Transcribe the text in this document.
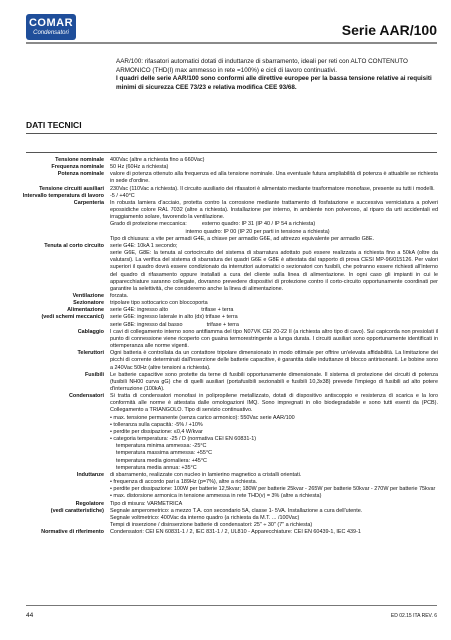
COMAR
Condensatori	Serie AAR/100
AAR/100: rifasatori automatici dotati di induttanze di sbarramento, ideali per reti con ALTO CONTENUTO ARMONICO (THD(I) max ammesso in rete =100%) e cicli di lavoro continuativi.
I quadri delle serie AAR/100 sono conformi alle direttive europee per la bassa tensione relative ai requisiti minimi di sicurezza CEE 73/23 e relativa modifica CEE 93/68.
DATI TECNICI
Tensione nominale	400Vac (altre a richiesta fino a 660Vac)
Frequenza nominale	50 Hz (60Hz a richiesta)
Potenza nominale	valore di potenza ottenuto alla frequenza ed alla tensione nominale. Una eventuale futura ampliabilità di potenza è attuabile se richiesta in sede d'ordine.
Tensione circuiti ausiliari	230Vac (110Vac a richiesta). Il circuito ausiliario dei rifasatori è alimentato mediante trasformatore monofase, presente su tutti i modelli.
Intervallo temperatura di lavoro	-5 / +40°C
Carpenteria	In robusta lamiera d'acciaio, protetta contro la corrosione mediante trattamento di fosfatazione e successiva verniciatura a polveri epossidiche colore RAL 7032 (altre a richiesta). Installazione per interno, in ambiente non polveroso, al riparo da urti accidentali ed irraggiamento solare, favorendo la ventilazione.
Grado di protezione meccanica:          esterno quadro: IP 31 (IP 40 / IP 54 a richiesta)
interno quadro: IP 00 (IP 20 per parti in tensione a richiesta)
Tipo di chiusura: a vite per armadi G4E, a chiave per armadio G6E, ad attrezzo equivalente per armadio G8E.
Tenuta al corto circuito	serie G4E: 10kA 1 secondo;
serie G6E, G8E: la tenuta al cortocircuito del sistema di sbarratura adottato può essere realizzata a richiesta fino a 50kA (oltre da valutarsi). La verifica del sistema di sbarratura dei quadri G6E e G8E è attestata dal rapporto di prova CESI MP-96/015126. Per valori superiori il quadro dovrà essere condizionato da interruttori automatici o sezionatori con fusibili, che potranno essere richiesti all'interno del quadro di rifasamento oppure installati a cura del cliente sulla linea di alimentazione. In ogni caso gli impianti in cui le apparecchiature saranno collegate, dovranno prevedere dispositivi di protezione contro il corto-circuito opportunamente coordinati per garantire la selettività, che consideremo anche la linea di alimentazione.
Ventilazione	forzata.
Sezionatore	tripolare tipo sottocarico con bloccoporta
Alimentazione	serie G4E: ingresso alto                      trifase + terra
(vedi schemi meccanici)	serie G6E: ingresso laterale in alto (dx) trifase + terra
serie G8E: ingresso dal basso                trifase + terra
Cablaggio	I cavi di collegamento interno sono antifiamma del tipo N07VK CEI 20-22 II (a richiesta altro tipo di cavo). Sui capicorda non presiolati il punto di connessione viene ricoperto con guaina termorestringente a lunga durata. I circuiti ausiliari sono opportunamente identificati in ottemperanza alle norme vigenti.
Teleruttori	Ogni batteria è controllata da un contattore tripolare dimensionato in modo ottimale per offrire un'elevata affidabilità. La limitazione dei picchi di corrente determinati dall'inserzione delle batterie capacitive, è garantita dalle induttanze di blocco antirisonanti. Le bobine sono a 240Vac 50Hz (altre tensioni a richiesta).
Fusibili	Le batterie capacitive sono protette da terne di fusibili opportunamente dimensionate. Il sistema di protezione dei circuiti di potenza (fusibili NH00 curva gG) che di quelli ausiliari (portafusibili sezionabili e fusibili 10,3x38) prevede l'impiego di fusibili ad alto potere d'interruzione (100kA).
Condensatori	Si tratta di condensatori monofasi in polipropilene metallizzato, dotati di dispositivo antiscoppio e resistenza di scarica e la loro conformità alle norme è attestata dalle omologazioni IMQ. Sono impregnati in olio biodegradabile e sono tutti esenti da (PCB). Collegamento a TRIANGOLO. Tipo di servizio continuativo.
• max. tensione permanente (senza carico armonico): 550Vac serie AAR/100
• tolleranza sulla capacità: -5% / +10%
• perdite per dissipazione: ≤0,4 W/kvar
• categoria temperatura: -25 / D (normativa CEI EN 60831-1)
temperatura minima ammessa: -25°C
temperatura massima ammessa: +55°C
temperatura media giornaliera: +45°C
temperatura media annua: +35°C
Induttanze	di sbarramento, realizzate con nucleo in lamierino magnetico a cristalli orientati.
• frequenza di accordo pari a 189Hz (p=7%), altre a richiesta.
• perdite per dissipazione: 100W per batterie 12,5kvar; 180W per batterie 25kvar - 265W per batterie 50kvar - 270W per batterie 75kvar
• max. distorsione armonica in tensione ammessa in rete THD(v) = 3% (altre a richiesta)
Regolatore	Tipo di misura: VARMETRICA
(vedi caratteristiche)	Segnale amperometrico: a mezzo T.A. con secondario 5A, classe 1- 5VA. Installazione a cura dell'utente.
Segnale voltmetrico: 400Vac da interno quadro (a richiesta da M.T. ... /100Vac)
Tempi di inserzione / disinserzione batterie di condensatori: 25" ÷ 30" (7" a richiesta)
Normative di riferimento	Condensatori: CEI EN 60831-1 / 2, IEC 831-1 / 2, UL810 - Apparecchiature: CEI EN 60439-1, IEC 439-1
44	ED 02.15 ITA REV. 6
